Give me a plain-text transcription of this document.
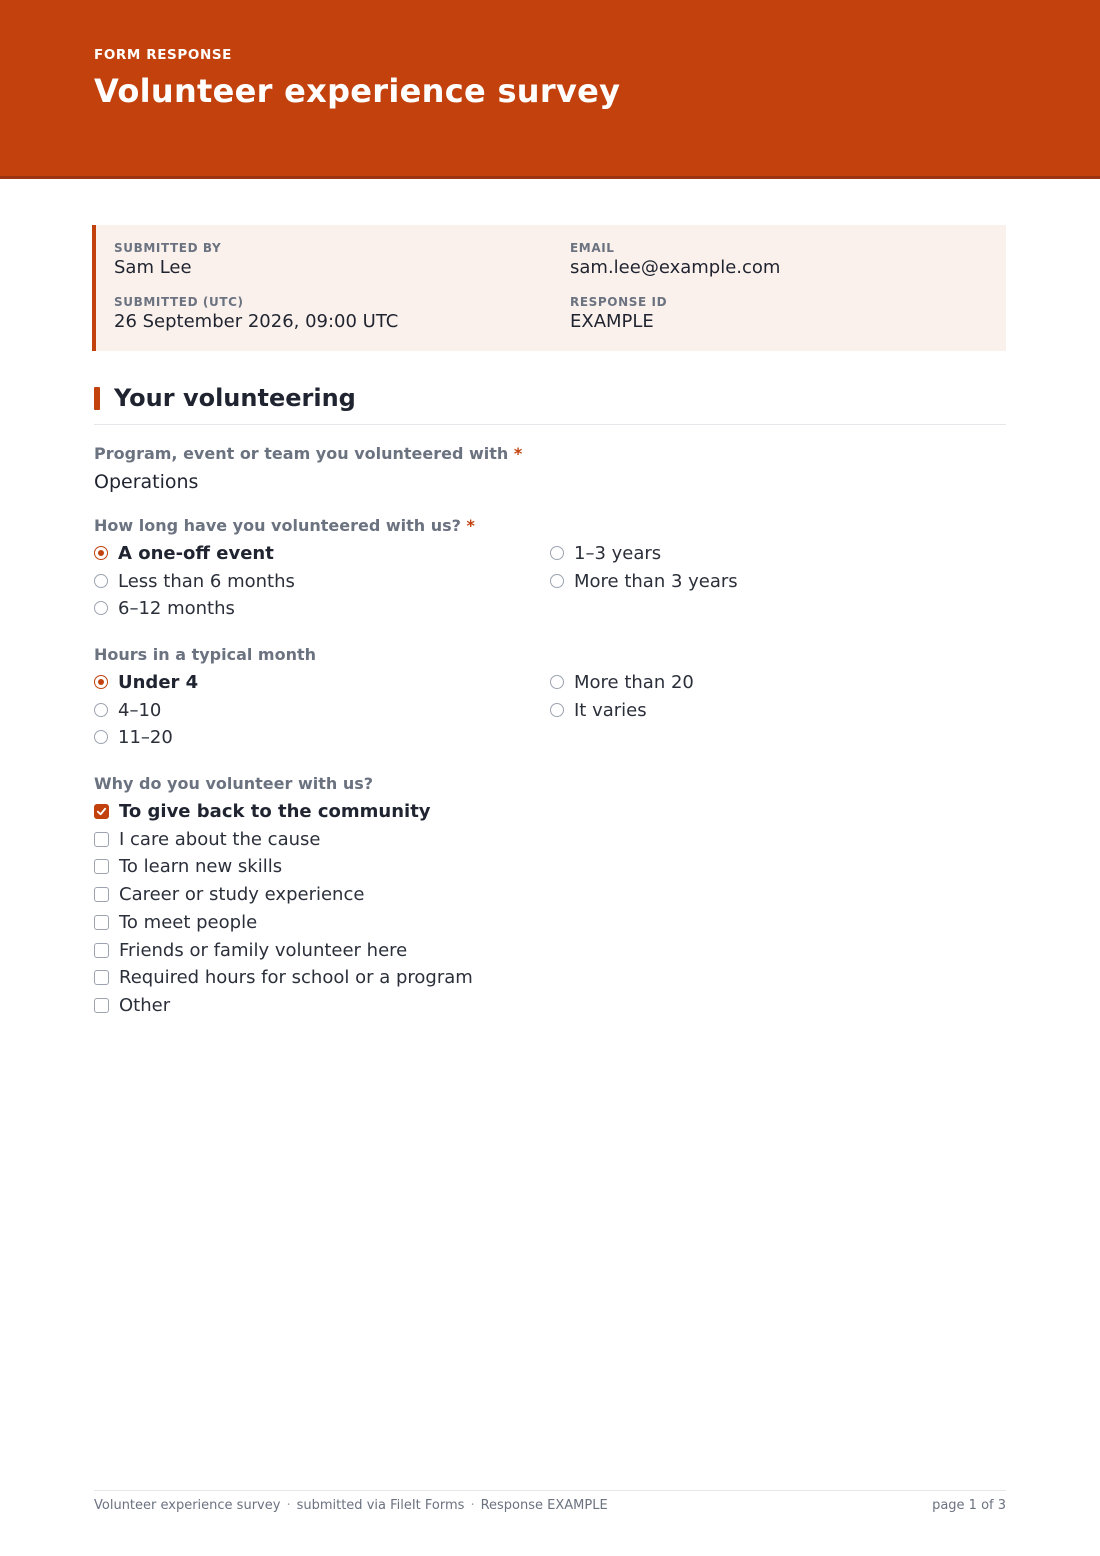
FORM RESPONSE
Volunteer experience survey
SUBMITTED BY
Sam Lee
EMAIL
sam.lee@example.com
SUBMITTED (UTC)
26 September 2026, 09:00 UTC
RESPONSE ID
EXAMPLE
Your volunteering
Program, event or team you volunteered with *
Operations
How long have you volunteered with us? *
A one-off event
Less than 6 months
6–12 months
1–3 years
More than 3 years
Hours in a typical month
Under 4
4–10
11–20
More than 20
It varies
Why do you volunteer with us?
To give back to the community
I care about the cause
To learn new skills
Career or study experience
To meet people
Friends or family volunteer here
Required hours for school or a program
Other
Volunteer experience survey · submitted via FileIt Forms · Response EXAMPLE	page 1 of 3
